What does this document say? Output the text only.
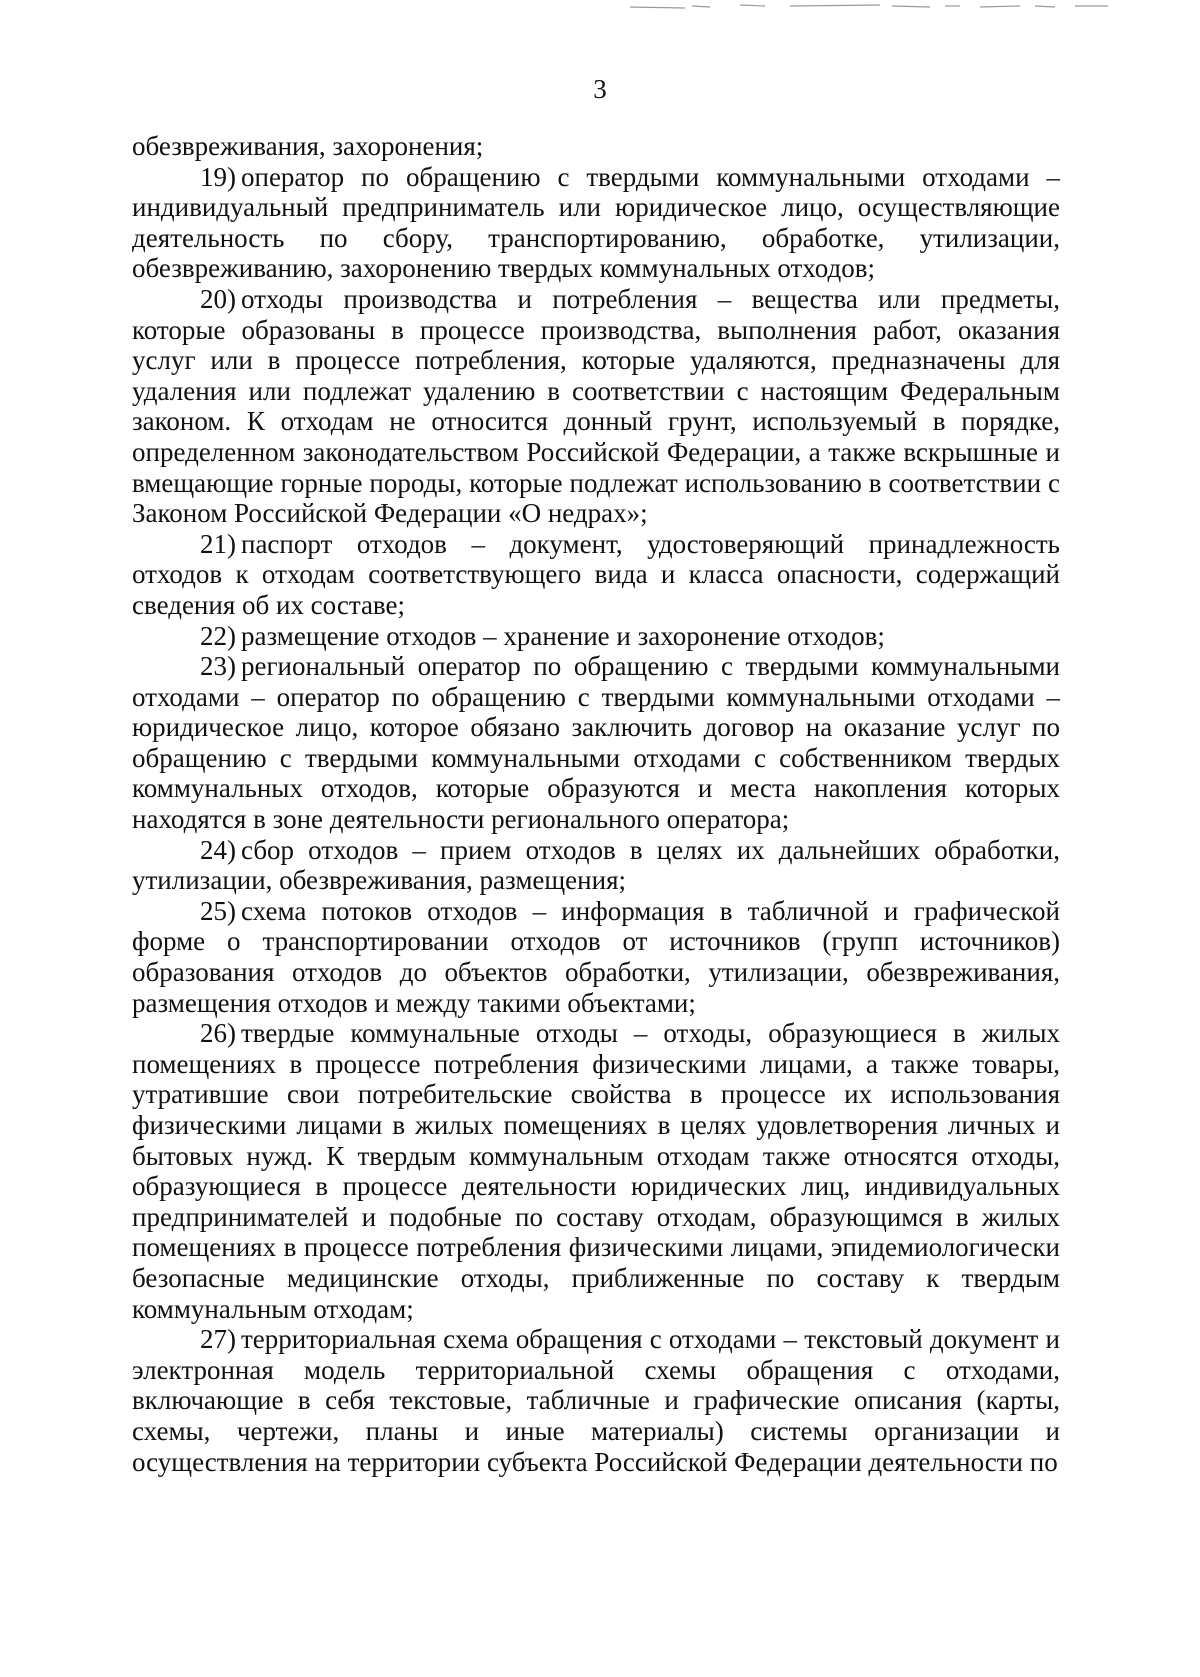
3

обезвреживания, захоронения;

19) оператор по обращению с твердыми коммунальными отходами – индивидуальный предприниматель или юридическое лицо, осуществляющие деятельность по сбору, транспортированию, обработке, утилизации, обезвреживанию, захоронению твердых коммунальных отходов;

20) отходы производства и потребления – вещества или предметы, которые образованы в процессе производства, выполнения работ, оказания услуг или в процессе потребления, которые удаляются, предназначены для удаления или подлежат удалению в соответствии с настоящим Федеральным законом. К отходам не относится донный грунт, используемый в порядке, определенном законодательством Российской Федерации, а также вскрышные и вмещающие горные породы, которые подлежат использованию в соответствии с Законом Российской Федерации «О недрах»;

21) паспорт отходов – документ, удостоверяющий принадлежность отходов к отходам соответствующего вида и класса опасности, содержащий сведения об их составе;

22) размещение отходов – хранение и захоронение отходов;

23) региональный оператор по обращению с твердыми коммунальными отходами – оператор по обращению с твердыми коммунальными отходами – юридическое лицо, которое обязано заключить договор на оказание услуг по обращению с твердыми коммунальными отходами с собственником твердых коммунальных отходов, которые образуются и места накопления которых находятся в зоне деятельности регионального оператора;

24) сбор отходов – прием отходов в целях их дальнейших обработки, утилизации, обезвреживания, размещения;

25) схема потоков отходов – информация в табличной и графической форме о транспортировании отходов от источников (групп источников) образования отходов до объектов обработки, утилизации, обезвреживания, размещения отходов и между такими объектами;

26) твердые коммунальные отходы – отходы, образующиеся в жилых помещениях в процессе потребления физическими лицами, а также товары, утратившие свои потребительские свойства в процессе их использования физическими лицами в жилых помещениях в целях удовлетворения личных и бытовых нужд. К твердым коммунальным отходам также относятся отходы, образующиеся в процессе деятельности юридических лиц, индивидуальных предпринимателей и подобные по составу отходам, образующимся в жилых помещениях в процессе потребления физическими лицами, эпидемиологически безопасные медицинские отходы, приближенные по составу к твердым коммунальным отходам;

27) территориальная схема обращения с отходами – текстовый документ и электронная модель территориальной схемы обращения с отходами, включающие в себя текстовые, табличные и графические описания (карты, схемы, чертежи, планы и иные материалы) системы организации и осуществления на территории субъекта Российской Федерации деятельности по
